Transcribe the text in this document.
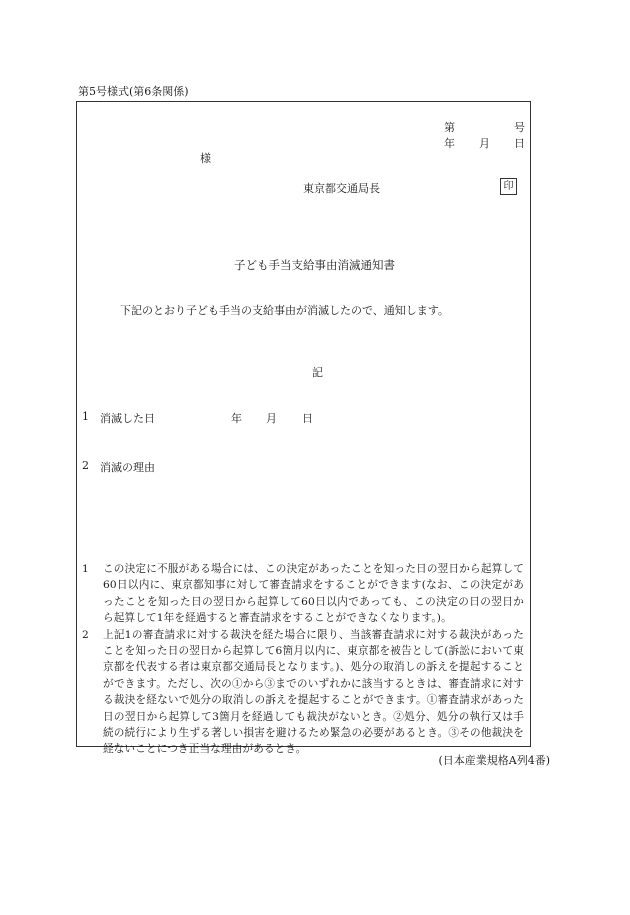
第5号様式(第6条関係)
第	号
年 月 日
様
東京都交通局長	印
子ども手当支給事由消滅通知書
下記のとおり子ども手当の支給事由が消滅したので、通知します。
記
1 消滅した日	年 月 日
2 消滅の理由
1 この決定に不服がある場合には、この決定があったことを知った日の翌日から起算して60日以内に、東京都知事に対して審査請求をすることができます(なお、この決定があったことを知った日の翌日から起算して60日以内であっても、この決定の日の翌日から起算して1年を経過すると審査請求をすることができなくなります。)。
2 上記1の審査請求に対する裁決を経た場合に限り、当該審査請求に対する裁決があったことを知った日の翌日から起算して6箇月以内に、東京都を被告として(訴訟において東京都を代表する者は東京都交通局長となります。)、処分の取消しの訴えを提起することができます。ただし、次の①から③までのいずれかに該当するときは、審査請求に対する裁決を経ないで処分の取消しの訴えを提起することができます。①審査請求があった日の翌日から起算して3箇月を経過しても裁決がないとき。②処分、処分の執行又は手続の続行により生ずる著しい損害を避けるため緊急の必要があるとき。③その他裁決を経ないことにつき正当な理由があるとき。
(日本産業規格A列4番)
